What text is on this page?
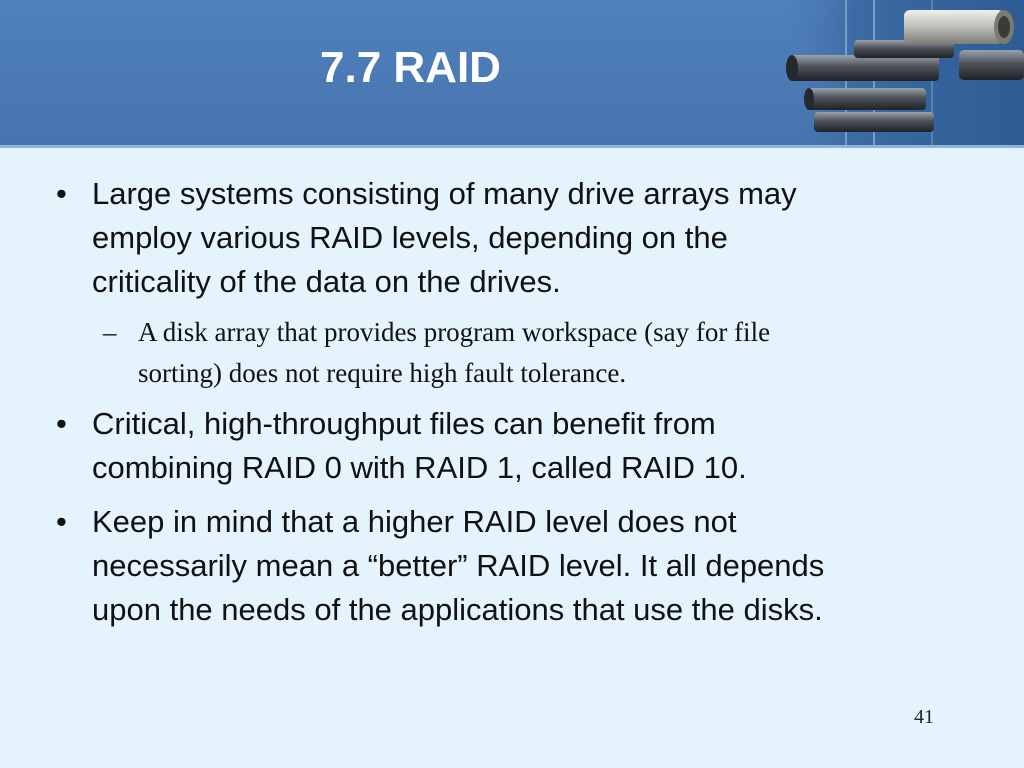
7.7 RAID
• Large systems consisting of many drive arrays may
employ various RAID levels, depending on the
criticality of the data on the drives.
– A disk array that provides program workspace (say for file
sorting) does not require high fault tolerance.
• Critical, high-throughput files can benefit from
combining RAID 0 with RAID 1, called RAID 10.
• Keep in mind that a higher RAID level does not
necessarily mean a “better” RAID level. It all depends
upon the needs of the applications that use the disks.
41
